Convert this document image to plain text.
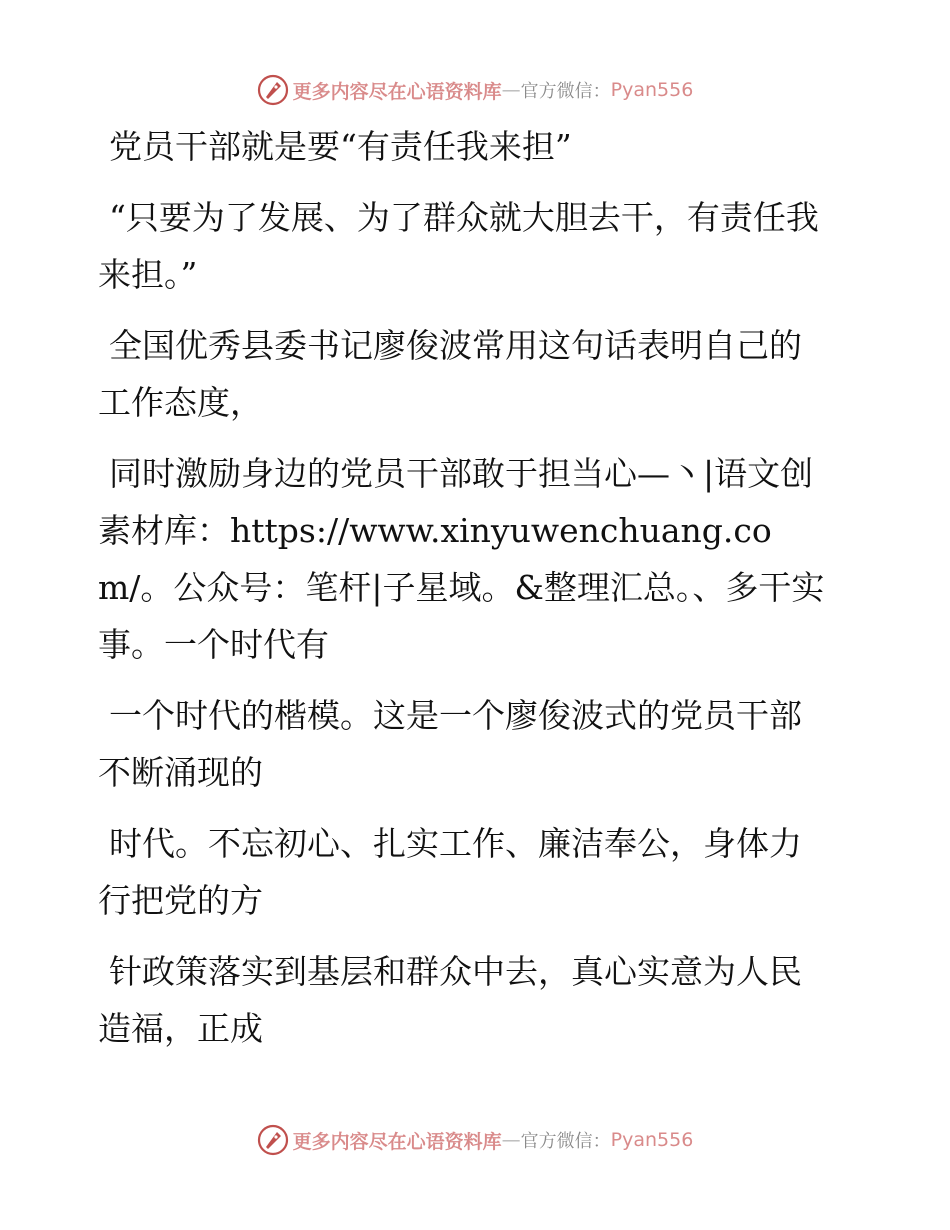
更多内容尽在心语资料库 — 官方微信： Pyan556

党员干部就是要“有责任我来担”

“只要为了发展、为了群众就大胆去干，有责任我来担。”

全国优秀县委书记廖俊波常用这句话表明自己的工作态度，

同时激励身边的党员干部敢于担当心—丶|语文创素材库：https://www.xinyuwenchuang.com/。公众号：笔杆|子星域。&整理汇总。、多干实事。一个时代有

一个时代的楷模。这是一个廖俊波式的党员干部不断涌现的

时代。不忘初心、扎实工作、廉洁奉公，身体力行把党的方

针政策落实到基层和群众中去，真心实意为人民造福，正成

更多内容尽在心语资料库 — 官方微信： Pyan556
